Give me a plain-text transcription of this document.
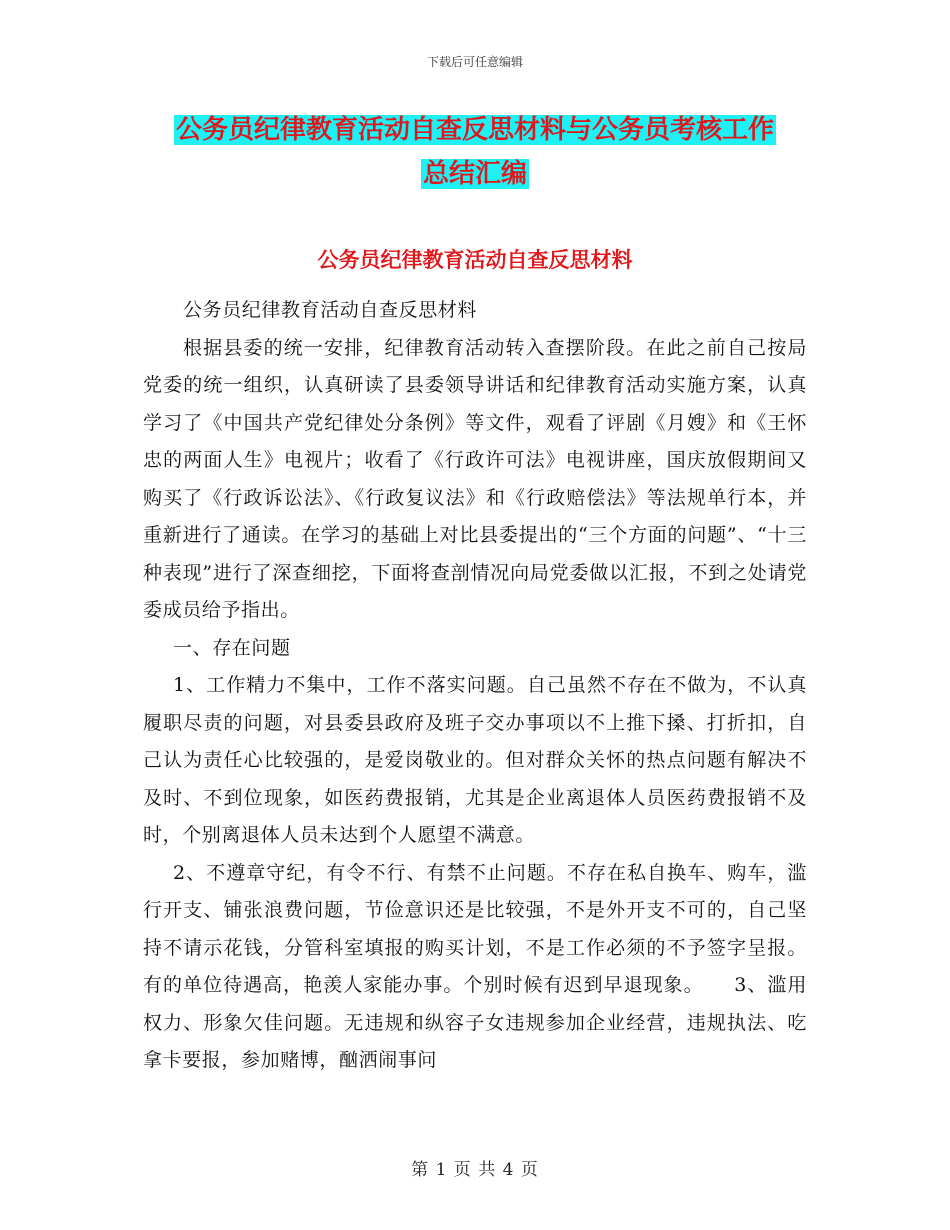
下载后可任意编辑
公务员纪律教育活动自查反思材料与公务员考核工作
总结汇编
公务员纪律教育活动自查反思材料

公务员纪律教育活动自查反思材料

根据县委的统一安排，纪律教育活动转入查摆阶段。在此之前自己按局党委的统一组织，认真研读了县委领导讲话和纪律教育活动实施方案，认真学习了《中国共产党纪律处分条例》等文件，观看了评剧《月嫂》和《王怀忠的两面人生》电视片；收看了《行政许可法》电视讲座，国庆放假期间又购买了《行政诉讼法》、《行政复议法》和《行政赔偿法》等法规单行本，并重新进行了通读。在学习的基础上对比县委提出的“三个方面的问题”、“十三种表现”进行了深查细挖，下面将查剖情况向局党委做以汇报，不到之处请党委成员给予指出。

一、存在问题

1、工作精力不集中，工作不落实问题。自己虽然不存在不做为，不认真履职尽责的问题，对县委县政府及班子交办事项以不上推下搡、打折扣，自己认为责任心比较强的，是爱岗敬业的。但对群众关怀的热点问题有解决不及时、不到位现象，如医药费报销，尤其是企业离退体人员医药费报销不及时，个别离退体人员未达到个人愿望不满意。

2、不遵章守纪，有令不行、有禁不止问题。不存在私自换车、购车，滥行开支、铺张浪费问题，节俭意识还是比较强，不是外开支不可的，自己坚持不请示花钱，分管科室填报的购买计划，不是工作必须的不予签字呈报。有的单位待遇高，艳羡人家能办事。个别时候有迟到早退现象。　　3、滥用权力、形象欠佳问题。无违规和纵容子女违规参加企业经营，违规执法、吃拿卡要报，参加赌博，酗洒闹事问

第 1 页 共 4 页
